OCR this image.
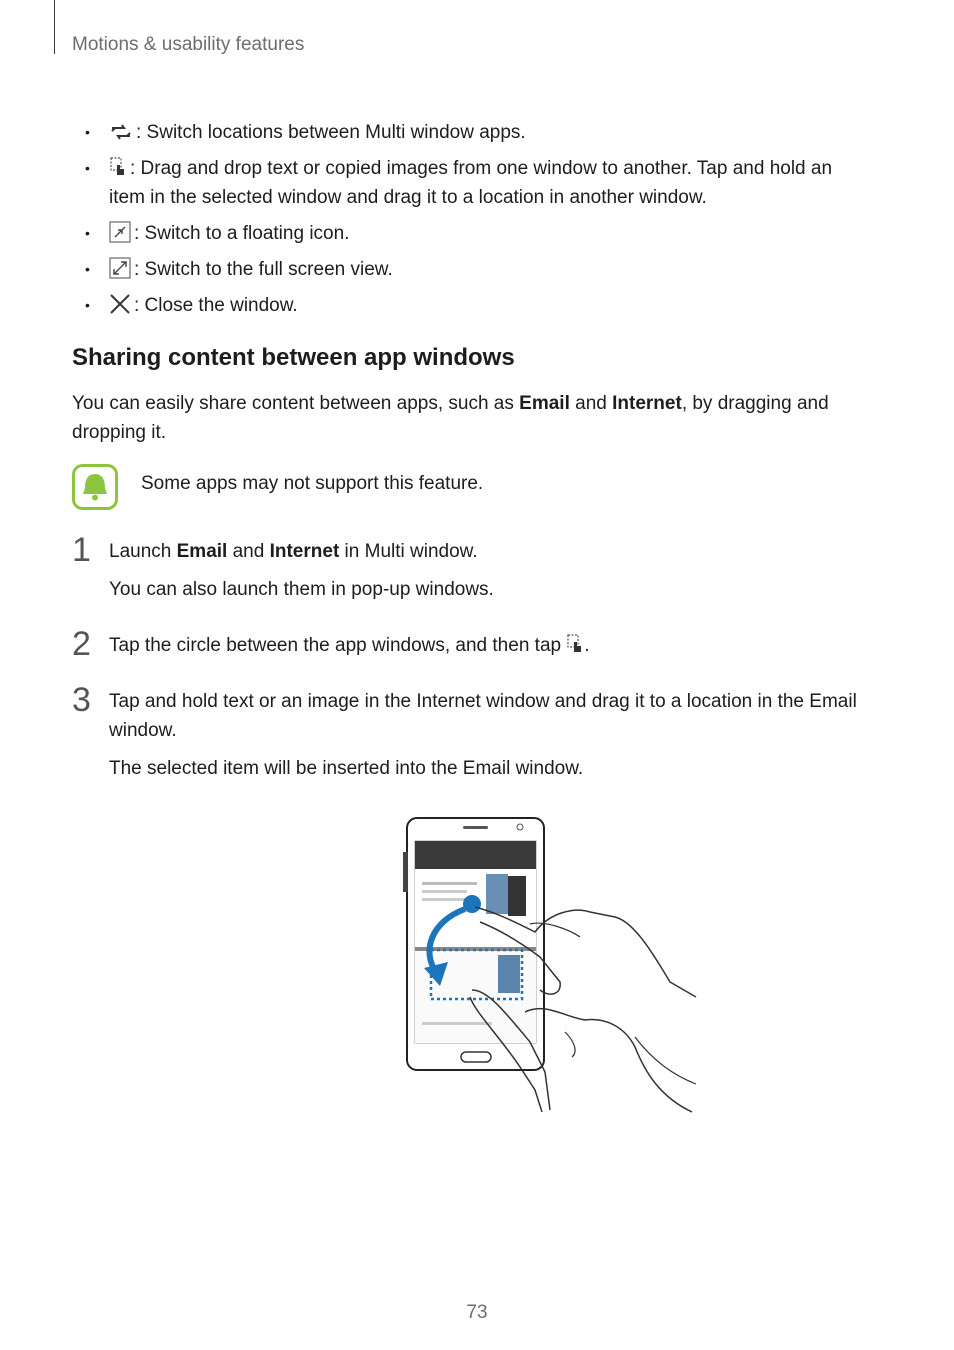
Motions & usability features
• : Switch locations between Multi window apps.
• : Drag and drop text or copied images from one window to another. Tap and hold an item in the selected window and drag it to a location in another window.
• : Switch to a floating icon.
• : Switch to the full screen view.
• : Close the window.
Sharing content between app windows
You can easily share content between apps, such as Email and Internet, by dragging and dropping it.
Some apps may not support this feature.
1 Launch Email and Internet in Multi window.

You can also launch them in pop-up windows.

2 Tap the circle between the app windows, and then tap .

3 Tap and hold text or an image in the Internet window and drag it to a location in the Email window.

The selected item will be inserted into the Email window.

73
